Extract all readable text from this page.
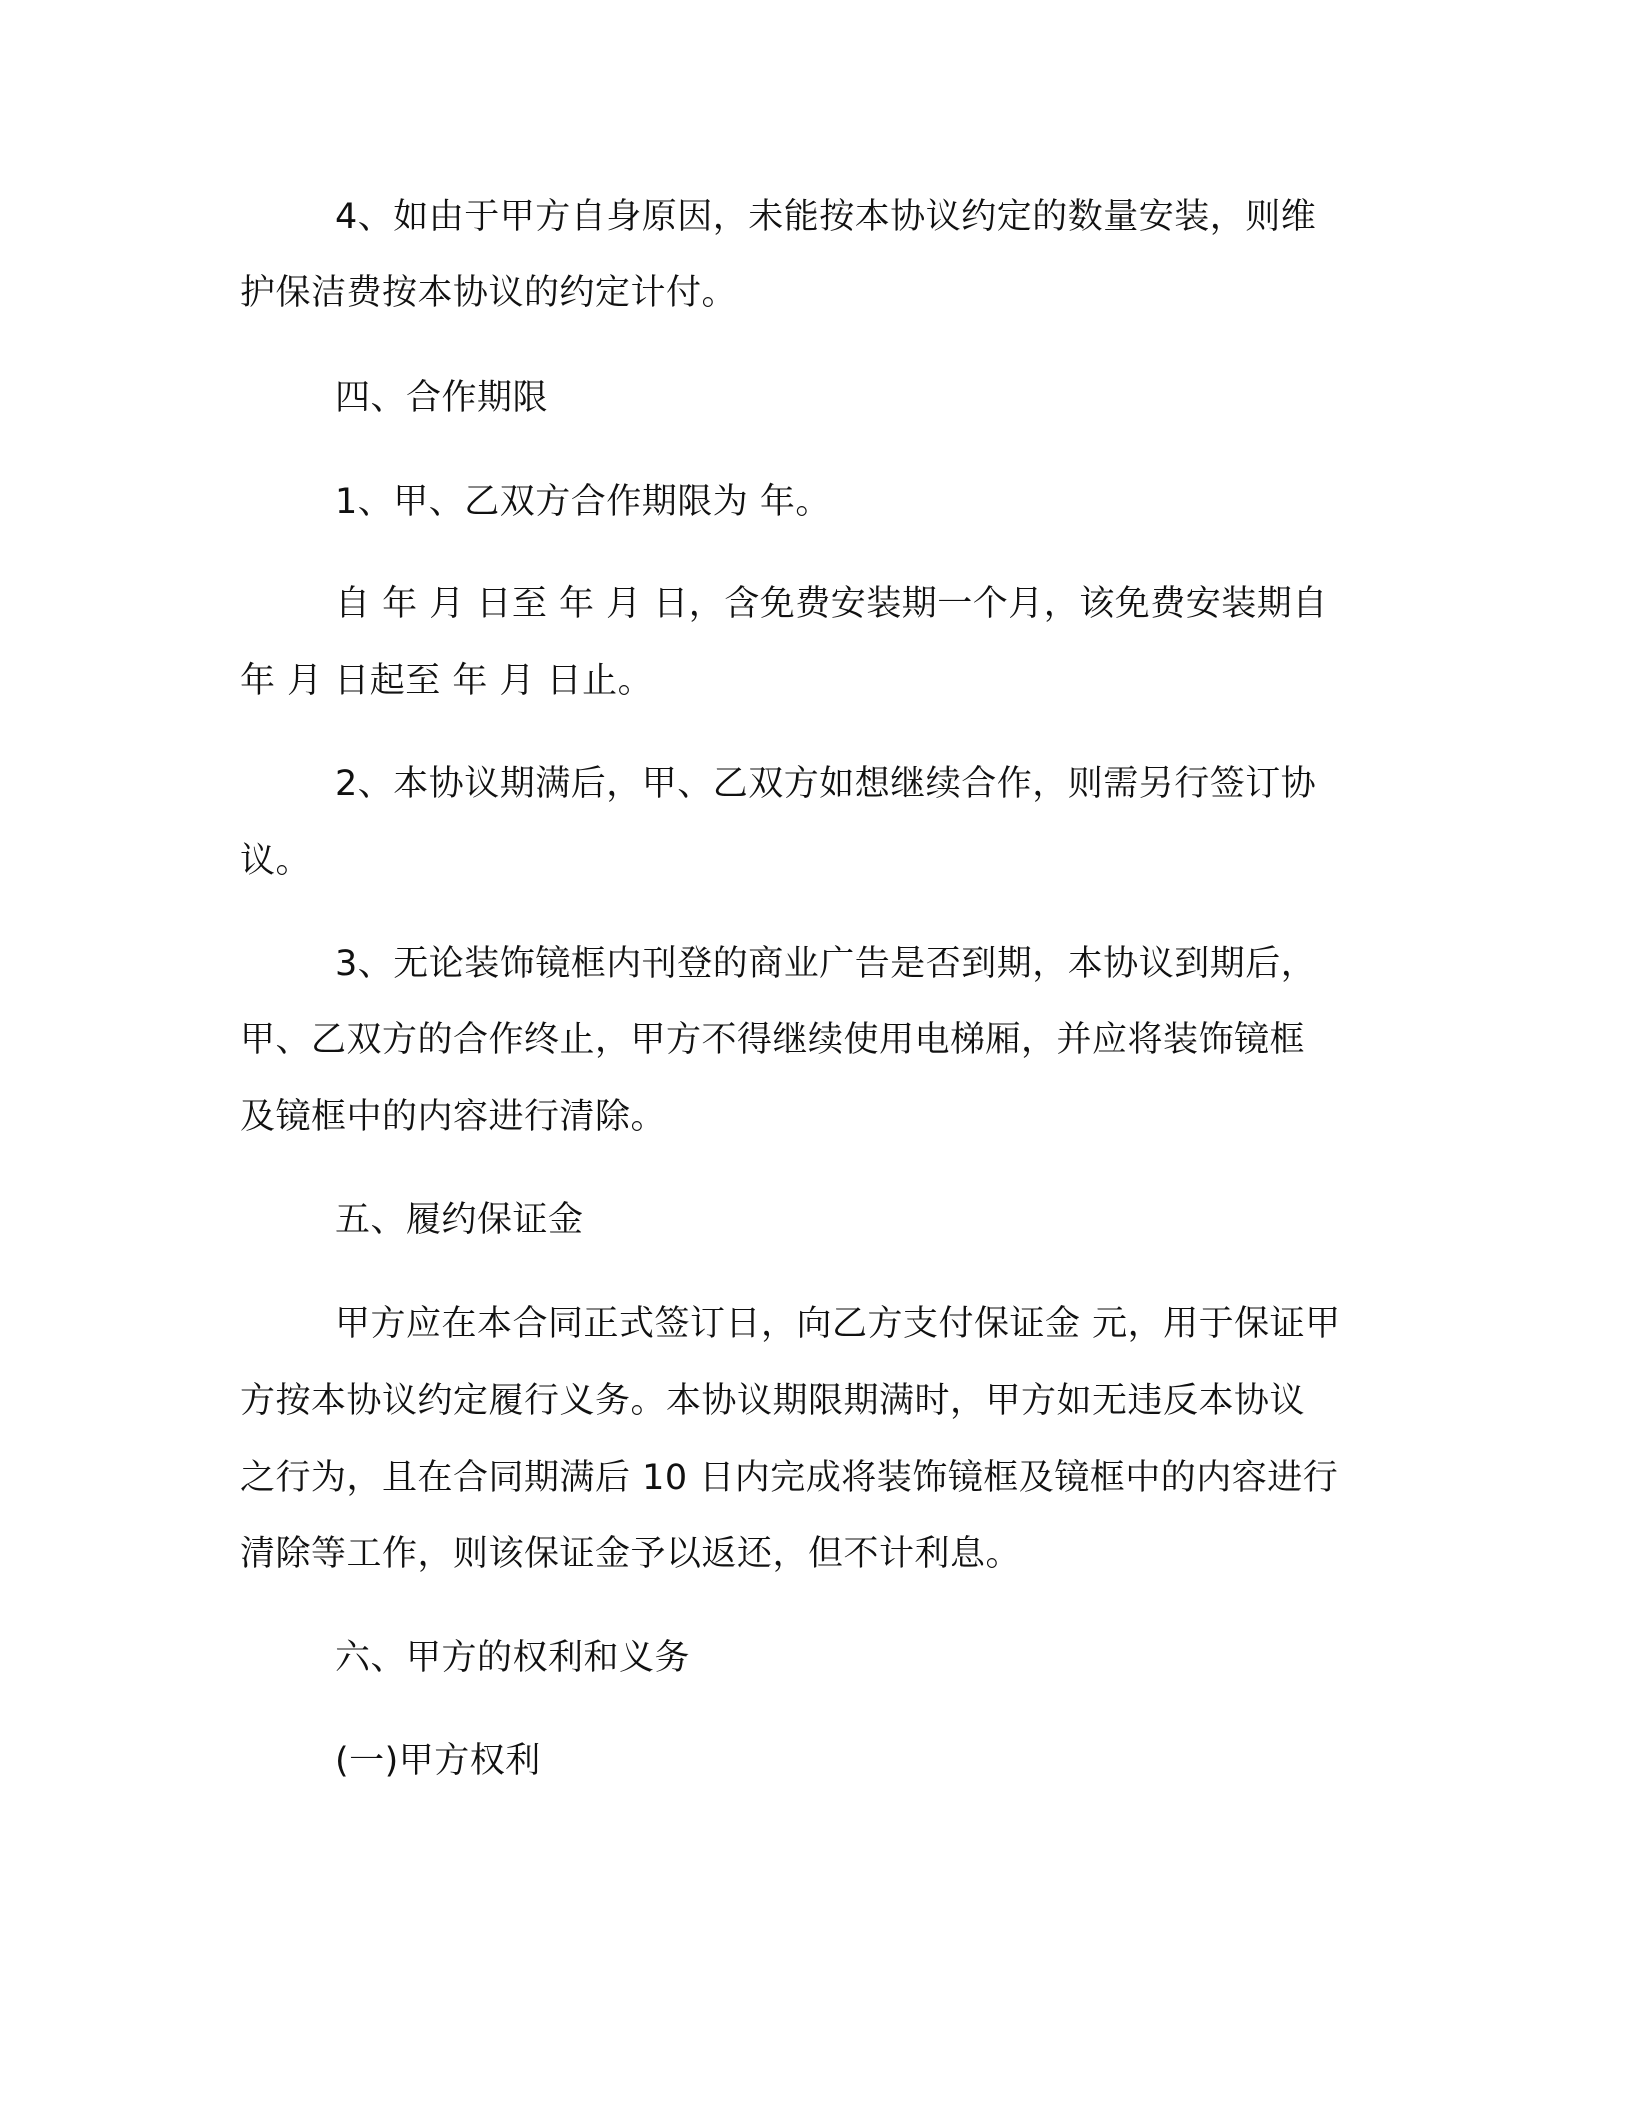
4、如由于甲方自身原因，未能按本协议约定的数量安装，则维

护保洁费按本协议的约定计付。

四、合作期限

1、甲、乙双方合作期限为 年。

自 年 月 日至 年 月 日，含免费安装期一个月，该免费安装期自

年 月 日起至 年 月 日止。

2、本协议期满后，甲、乙双方如想继续合作，则需另行签订协

议。

3、无论装饰镜框内刊登的商业广告是否到期，本协议到期后，

甲、乙双方的合作终止，甲方不得继续使用电梯厢，并应将装饰镜框

及镜框中的内容进行清除。

五、履约保证金

甲方应在本合同正式签订日，向乙方支付保证金 元，用于保证甲

方按本协议约定履行义务。本协议期限期满时，甲方如无违反本协议

之行为，且在合同期满后 10 日内完成将装饰镜框及镜框中的内容进行

清除等工作，则该保证金予以返还，但不计利息。

六、甲方的权利和义务

(一)甲方权利
